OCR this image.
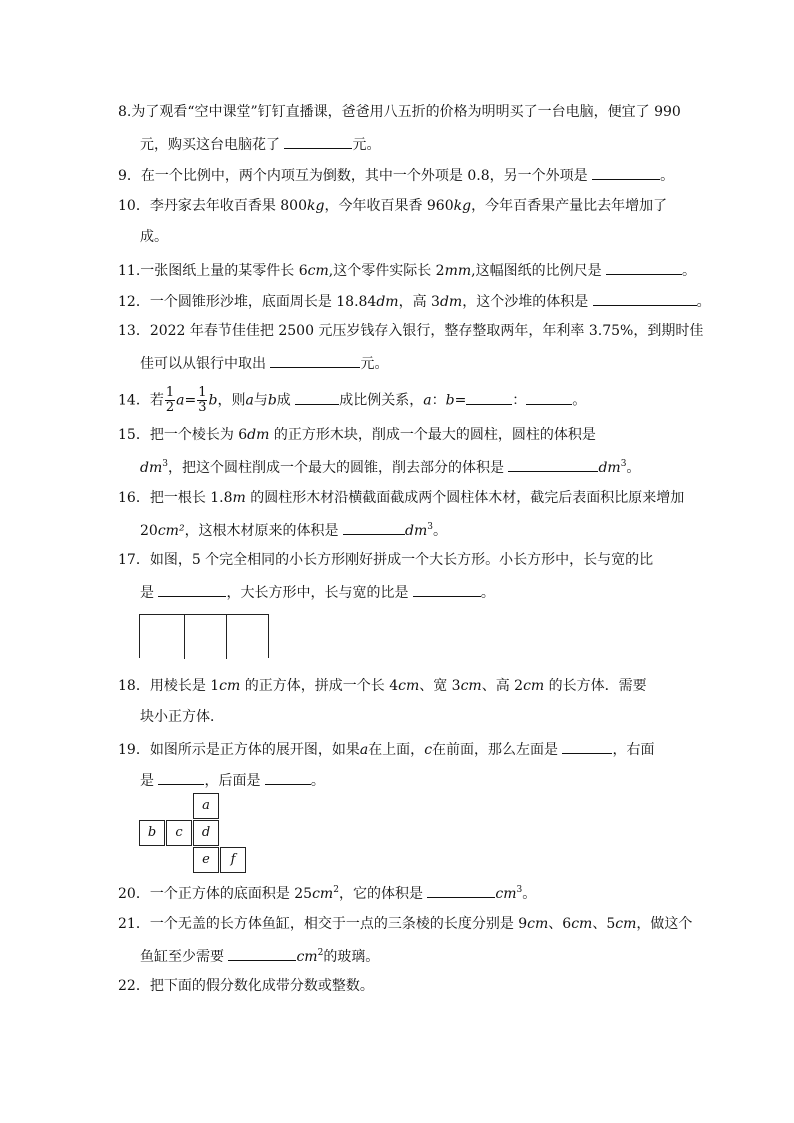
8.为了观看“空中课堂”钉钉直播课，爸爸用八五折的价格为明明买了一台电脑，便宜了 990
元，购买这台电脑花了	元。
9．在一个比例中，两个内项互为倒数，其中一个外项是 0.8，另一个外项是	。
10．李丹家去年收百香果 800kg，今年收百果香 960kg，今年百香果产量比去年增加了
成。
11.一张图纸上量的某零件长 6cm,这个零件实际长 2mm,这幅图纸的比例尺是	。
12．一个圆锥形沙堆，底面周长是 18.84dm，高 3dm，这个沙堆的体积是	。
13．2022 年春节佳佳把 2500 元压岁钱存入银行，整存整取两年，年利率 3.75%，到期时佳
佳可以从银行中取出	元。
14．若 $\frac{1}{2} a= \frac{1}{3}$ b，则a与b成	成比例关系，a：b=	：	。
15．把一个棱长为 6dm 的正方形木块，削成一个最大的圆柱，圆柱的体积是
$dm^3$，把这个圆柱削成一个最大的圆锥，削去部分的体积是	$dm^3$。
16．把一根长 1.8m 的圆柱形木材沿横截面截成两个圆柱体木材，截完后表面积比原来增加
20cm²，这根木材原来的体积是	$dm^3$。
17．如图，5 个完全相同的小长方形刚好拼成一个大长方形。小长方形中，长与宽的比
是	，大长方形中，长与宽的比是	。
18．用棱长是 1cm 的正方体，拼成一个长 4cm、宽 3cm、高 2cm 的长方体．需要
块小正方体．
19．如图所示是正方体的展开图，如果a在上面，c在前面，那么左面是	，右面
是	，后面是	。
a
b	c	d
e	f
20．一个正方体的底面积是 $25cm^2$，它的体积是	$cm^3$。
21．一个无盖的长方体鱼缸，相交于一点的三条棱的长度分别是 9cm、6cm、5cm，做这个
鱼缸至少需要	$cm^2$的玻璃。
22．把下面的假分数化成带分数或整数。
